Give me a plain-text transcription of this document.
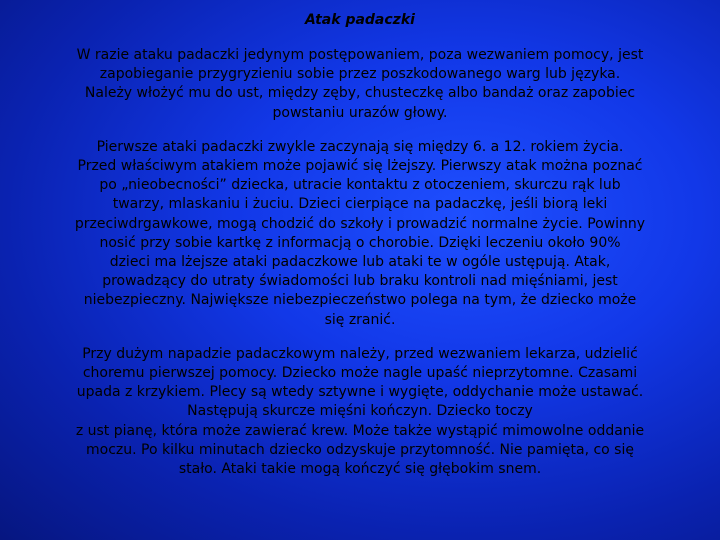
Atak padaczki
W razie ataku padaczki jedynym postępowaniem, poza wezwaniem pomocy, jest
zapobieganie przygryzieniu sobie przez poszkodowanego warg lub języka.
Należy włożyć mu do ust, między zęby, chusteczkę albo bandaż oraz zapobiec
powstaniu urazów głowy.
Pierwsze ataki padaczki zwykle zaczynają się między 6. a 12. rokiem życia.
Przed właściwym atakiem może pojawić się lżejszy. Pierwszy atak można poznać
po „nieobecności” dziecka, utracie kontaktu z otoczeniem, skurczu rąk lub
twarzy, mlaskaniu i żuciu. Dzieci cierpiące na padaczkę, jeśli biorą leki
przeciwdrgawkowe, mogą chodzić do szkoły i prowadzić normalne życie. Powinny
nosić przy sobie kartkę z informacją o chorobie. Dzięki leczeniu około 90%
dzieci ma lżejsze ataki padaczkowe lub ataki te w ogóle ustępują. Atak,
prowadzący do utraty świadomości lub braku kontroli nad mięśniami, jest
niebezpieczny. Największe niebezpieczeństwo polega na tym, że dziecko może
się zranić.
Przy dużym napadzie padaczkowym należy, przed wezwaniem lekarza, udzielić
choremu pierwszej pomocy. Dziecko może nagle upaść nieprzytomne. Czasami
upada z krzykiem. Plecy są wtedy sztywne i wygięte, oddychanie może ustawać.
Następują skurcze mięśni kończyn. Dziecko toczy
z ust pianę, która może zawierać krew. Może także wystąpić mimowolne oddanie
moczu. Po kilku minutach dziecko odzyskuje przytomność. Nie pamięta, co się
stało. Ataki takie mogą kończyć się głębokim snem.
